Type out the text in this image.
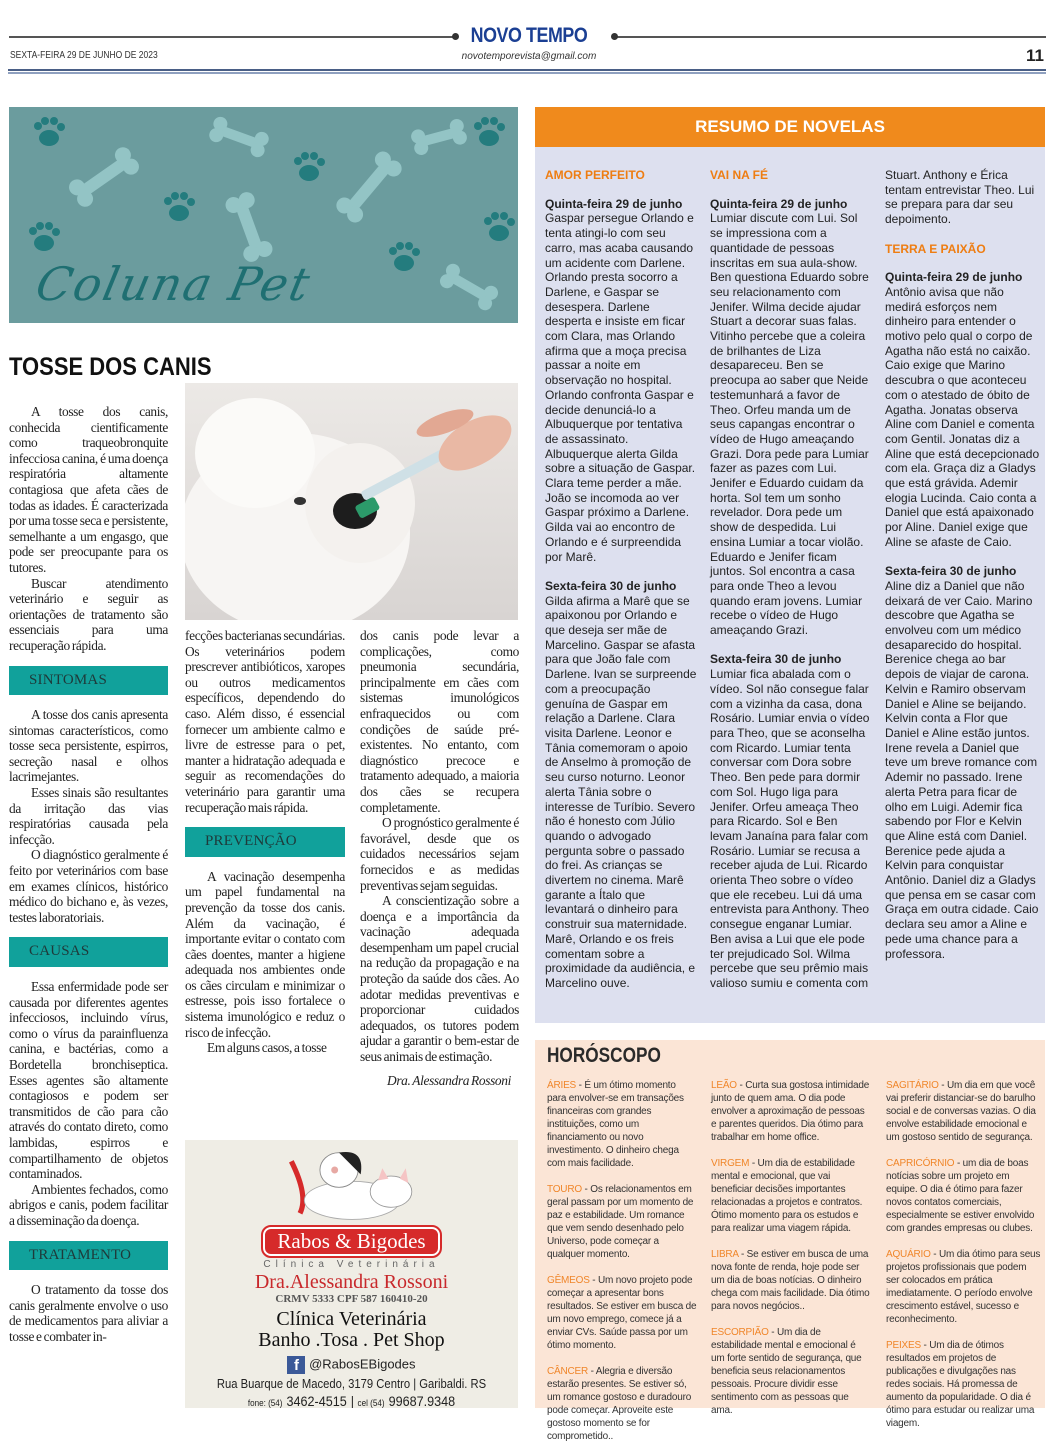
NOVO TEMPO
SEXTA-FEIRA 29 DE JUNHO DE 2023	novotemporevista@gmail.com	11
Coluna Pet
TOSSE DOS CANIS

A tosse dos canis, conhecida cientificamente como traqueobronquite infecciosa canina, é uma doença respiratória altamente contagiosa que afeta cães de todas as idades. É caracterizada por uma tosse seca e persistente, semelhante a um engasgo, que pode ser preocupante para os tutores.

Buscar atendimento veterinário e seguir as orientações de tratamento são essenciais para uma recuperação rápida.

SINTOMAS

A tosse dos canis apresenta sintomas característicos, como tosse seca persistente, espirros, secreção nasal e olhos lacrimejantes.

Esses sinais são resultantes da irritação das vias respiratórias causada pela infecção.

O diagnóstico geralmente é feito por veterinários com base em exames clínicos, histórico médico do bichano e, às vezes, testes laboratoriais.

CAUSAS

Essa enfermidade pode ser causada por diferentes agentes infecciosos, incluindo vírus, como o vírus da parainfluenza canina, e bactérias, como a Bordetella bronchiseptica. Esses agentes são altamente contagiosos e podem ser transmitidos de cão para cão através do contato direto, como lambidas, espirros e compartilhamento de objetos contaminados.

Ambientes fechados, como abrigos e canis, podem facilitar a disseminação da doença.

TRATAMENTO

O tratamento da tosse dos canis geralmente envolve o uso de medicamentos para aliviar a tosse e combater in-

fecções bacterianas secundárias. Os veterinários podem prescrever antibióticos, xaropes ou outros medicamentos específicos, dependendo do caso. Além disso, é essencial fornecer um ambiente calmo e livre de estresse para o pet, manter a hidratação adequada e seguir as recomendações do veterinário para garantir uma recuperação mais rápida.

PREVENÇÃO

A vacinação desempenha um papel fundamental na prevenção da tosse dos canis. Além da vacinação, é importante evitar o contato com cães doentes, manter a higiene adequada nos ambientes onde os cães circulam e minimizar o estresse, pois isso fortalece o sistema imunológico e reduz o risco de infecção.

Em alguns casos, a tosse

dos canis pode levar a complicações, como pneumonia secundária, principalmente em cães com sistemas imunológicos enfraquecidos ou com condições de saúde pré-existentes. No entanto, com diagnóstico precoce e tratamento adequado, a maioria dos cães se recupera completamente.

O prognóstico geralmente é favorável, desde que os cuidados necessários sejam fornecidos e as medidas preventivas sejam seguidas.

A conscientização sobre a doença e a importância da vacinação adequada desempenham um papel crucial na redução da propagação e na proteção da saúde dos cães. Ao adotar medidas preventivas e proporcionar cuidados adequados, os tutores podem ajudar a garantir o bem-estar de seus animais de estimação.

Dra. Alessandra Rossoni

Rabos & Bigodes
Clínica Veterinária
Dra.Alessandra Rossoni
CRMV 5333 CPF 587 160410-20
Clínica Veterinária
Banho .Tosa . Pet Shop
f @RabosEBigodes
Rua Buarque de Macedo, 3179 Centro | Garibaldi. RS
fone: (54) 3462-4515 | cel (54) 99687.9348
RESUMO DE NOVELAS
AMOR PERFEITO
Quinta-feira 29 de junho
Gaspar persegue Orlando e tenta atingi-lo com seu carro, mas acaba causando um acidente com Darlene. Orlando presta socorro a Darlene, e Gaspar se desespera. Darlene desperta e insiste em ficar com Clara, mas Orlando afirma que a moça precisa passar a noite em observação no hospital. Orlando confronta Gaspar e decide denunciá-lo a Albuquerque por tentativa de assassinato. Albuquerque alerta Gilda sobre a situação de Gaspar. Clara teme perder a mãe. João se incomoda ao ver Gaspar próximo a Darlene. Gilda vai ao encontro de Orlando e é surpreendida por Marê.
Sexta-feira 30 de junho
Gilda afirma a Marê que se apaixonou por Orlando e que deseja ser mãe de Marcelino. Gaspar se afasta para que João fale com Darlene. Ivan se surpreende com a preocupação genuína de Gaspar em relação a Darlene. Clara visita Darlene. Leonor e Tânia comemoram o apoio de Anselmo à promoção de seu curso noturno. Leonor alerta Tânia sobre o interesse de Turíbio. Severo não é honesto com Júlio quando o advogado pergunta sobre o passado do frei. As crianças se divertem no cinema. Marê garante a Ítalo que levantará o dinheiro para construir sua maternidade. Marê, Orlando e os freis comentam sobre a proximidade da audiência, e Marcelino ouve.
VAI NA FÉ
Quinta-feira 29 de junho
Lumiar discute com Lui. Sol se impressiona com a quantidade de pessoas inscritas em sua aula-show. Ben questiona Eduardo sobre seu relacionamento com Jenifer. Wilma decide ajudar Stuart a decorar suas falas. Vitinho percebe que a coleira de brilhantes de Liza desapareceu. Ben se preocupa ao saber que Neide testemunhará a favor de Theo. Orfeu manda um de seus capangas encontrar o vídeo de Hugo ameaçando Grazi. Dora pede para Lumiar fazer as pazes com Lui. Jenifer e Eduardo cuidam da horta. Sol tem um sonho revelador. Dora pede um show de despedida. Lui ensina Lumiar a tocar violão. Eduardo e Jenifer ficam juntos. Sol encontra a casa para onde Theo a levou quando eram jovens. Lumiar recebe o vídeo de Hugo ameaçando Grazi.
Sexta-feira 30 de junho
Lumiar fica abalada com o vídeo. Sol não consegue falar com a vizinha da casa, dona Rosário. Lumiar envia o vídeo para Theo, que se aconselha com Ricardo. Lumiar tenta conversar com Dora sobre Theo. Ben pede para dormir com Sol. Hugo liga para Jenifer. Orfeu ameaça Theo para Ricardo. Sol e Ben levam Janaína para falar com Rosário. Lumiar se recusa a receber ajuda de Lui. Ricardo orienta Theo sobre o vídeo que ele recebeu. Lui dá uma entrevista para Anthony. Theo consegue enganar Lumiar. Ben avisa a Lui que ele pode ter prejudicado Sol. Wilma percebe que seu prêmio mais valioso sumiu e comenta com
Stuart. Anthony e Érica tentam entrevistar Theo. Lui se prepara para dar seu depoimento.
TERRA E PAIXÃO
Quinta-feira 29 de junho
Antônio avisa que não medirá esforços nem dinheiro para entender o motivo pelo qual o corpo de Agatha não está no caixão. Caio exige que Marino descubra o que aconteceu com o atestado de óbito de Agatha. Jonatas observa Aline com Daniel e comenta com Gentil. Jonatas diz a Aline que está decepcionado com ela. Graça diz a Gladys que está grávida. Ademir elogia Lucinda. Caio conta a Daniel que está apaixonado por Aline. Daniel exige que Aline se afaste de Caio.
Sexta-feira 30 de junho
Aline diz a Daniel que não deixará de ver Caio. Marino descobre que Agatha se envolveu com um médico desaparecido do hospital. Berenice chega ao bar depois de viajar de carona. Kelvin e Ramiro observam Daniel e Aline se beijando. Kelvin conta a Flor que Daniel e Aline estão juntos. Irene revela a Daniel que teve um breve romance com Ademir no passado. Irene alerta Petra para ficar de olho em Luigi. Ademir fica sabendo por Flor e Kelvin que Aline está com Daniel. Berenice pede ajuda a Kelvin para conquistar Antônio. Daniel diz a Gladys que pensa em se casar com Graça em outra cidade. Caio declara seu amor a Aline e pede uma chance para a professora.
HORÓSCOPO
ÁRIES - É um ótimo momento para envolver-se em transações financeiras com grandes instituições, como um financiamento ou novo investimento. O dinheiro chega com mais facilidade.
TOURO - Os relacionamentos em geral passam por um momento de paz e estabilidade. Um romance que vem sendo desenhado pelo Universo, pode começar a qualquer momento.
GÊMEOS - Um novo projeto pode começar a apresentar bons resultados. Se estiver em busca de um novo emprego, comece já a enviar CVs. Saúde passa por um ótimo momento.
CÂNCER - Alegria e diversão estarão presentes. Se estiver só, um romance gostoso e duradouro pode começar. Aproveite este gostoso momento se for comprometido..
LEÃO - Curta sua gostosa intimidade junto de quem ama. O dia pode envolver a aproximação de pessoas e parentes queridos. Dia ótimo para trabalhar em home office.
VIRGEM - Um dia de estabilidade mental e emocional, que vai beneficiar decisões importantes relacionadas a projetos e contratos. Ótimo momento para os estudos e para realizar uma viagem rápida.
LIBRA - Se estiver em busca de uma nova fonte de renda, hoje pode ser um dia de boas notícias. O dinheiro chega com mais facilidade. Dia ótimo para novos negócios..
ESCORPIÃO - Um dia de estabilidade mental e emocional é um forte sentido de segurança, que beneficia seus relacionamentos pessoais. Procure dividir esse sentimento com as pessoas que ama.
SAGITÁRIO - Um dia em que você vai preferir distanciar-se do barulho social e de conversas vazias. O dia envolve estabilidade emocional e um gostoso sentido de segurança.
CAPRICÓRNIO - um dia de boas notícias sobre um projeto em equipe. O dia é ótimo para fazer novos contatos comerciais, especialmente se estiver envolvido com grandes empresas ou clubes.
AQUÁRIO - Um dia ótimo para seus projetos profissionais que podem ser colocados em prática imediatamente. O período envolve crescimento estável, sucesso e reconhecimento.
PEIXES - Um dia de ótimos resultados em projetos de publicações e divulgações nas redes sociais. Há promessa de aumento da popularidade. O dia é ótimo para estudar ou realizar uma viagem.
